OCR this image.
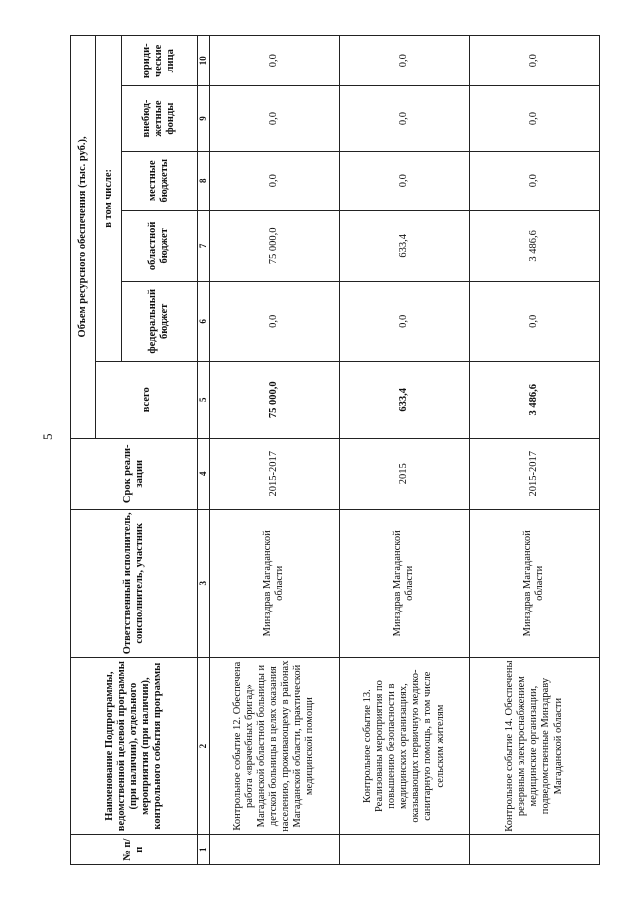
5
№ п/п	Наименование Подпрограммы, ведомственной целевой программы (при наличии), отдельного мероприятия (при наличии), контрольного события программы	Ответственный исполнитель, соисполнитель, участник	Срок реали-зации	Объем ресурсного обеспечения (тыс. руб.),					
				всего	в том числе:				
					федеральный бюджет	областной бюджет	местные бюджеты	внебюд-жетные фонды	юриди-ческие лица
1	2	3	4	5	6	7	8	9	10
	Контрольное событие 12. Обеспечена работа «врачебных бригад» Магаданской областной больницы и детской больницы в целях оказания населению, проживающему в районах Магаданской области, практической медицинской помощи	Минздрав Магаданской области	2015-2017	75 000,0	0,0	75 000,0	0,0	0,0	0,0
	Контрольное событие 13. Реализованы мероприятия по повышению безопасности в медицинских организациях, оказывающих первичную медико-санитарную помощь, в том числе сельским жителям	Минздрав Магаданской области	2015	633,4	0,0	633,4	0,0	0,0	0,0
	Контрольное событие 14. Обеспечены резервным электроснабжением медицинские организации, подведомственные Минздраву Магаданской области	Минздрав Магаданской области	2015-2017	3 486,6	0,0	3 486,6	0,0	0,0	0,0
